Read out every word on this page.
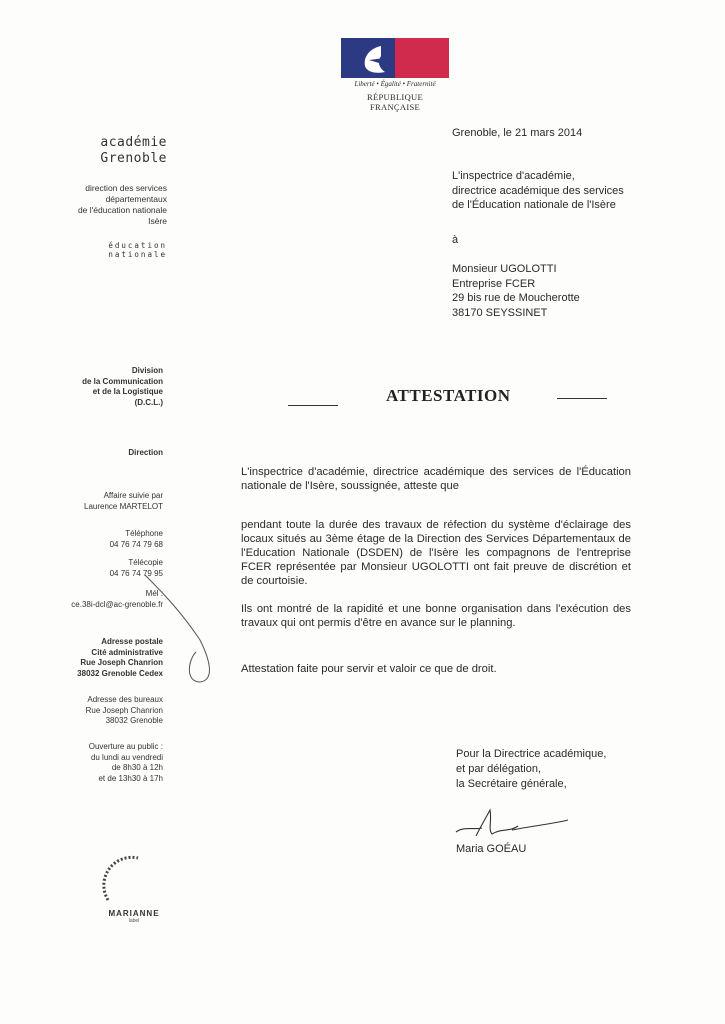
Liberté • Égalité • Fraternité
RÉPUBLIQUE FRANÇAISE
académie
Grenoble
direction des services
départementaux
de l'éducation nationale
Isère
éducation
nationale
Division
de la Communication
et de la Logistique
(D.C.L.)
Direction
Affaire suivie par
Laurence MARTELOT
Téléphone
04 76 74 79 68
Télécopie
04 76 74 79 95
Mél :
ce.38i-dcl@ac-grenoble.fr
Adresse postale
Cité administrative
Rue Joseph Chanrion
38032 Grenoble Cedex
Adresse des bureaux
Rue Joseph Chanrion
38032 Grenoble
Ouverture au public :
du lundi au vendredi
de 8h30 à 12h
et de 13h30 à 17h
MARIANNE
label
Grenoble, le 21 mars 2014
L'inspectrice d'académie,
directrice académique des services
de l'Éducation nationale de l'Isère
à
Monsieur UGOLOTTI
Entreprise FCER
29 bis rue de Moucherotte
38170 SEYSSINET
ATTESTATION
L'inspectrice d'académie, directrice académique des services de l'Éducation nationale de l'Isère, soussignée, atteste que
pendant toute la durée des travaux de réfection du système d'éclairage des locaux situés au 3ème étage de la Direction des Services Départementaux de l'Education Nationale (DSDEN) de l'Isère les compagnons de l'entreprise FCER représentée par Monsieur UGOLOTTI ont fait preuve de discrétion et de courtoisie.
Ils ont montré de la rapidité et une bonne organisation dans l'exécution des travaux qui ont permis d'être en avance sur le planning.
Attestation faite pour servir et valoir ce que de droit.
Pour la Directrice académique,
et par délégation,
la Secrétaire générale,
Maria GOÉAU
